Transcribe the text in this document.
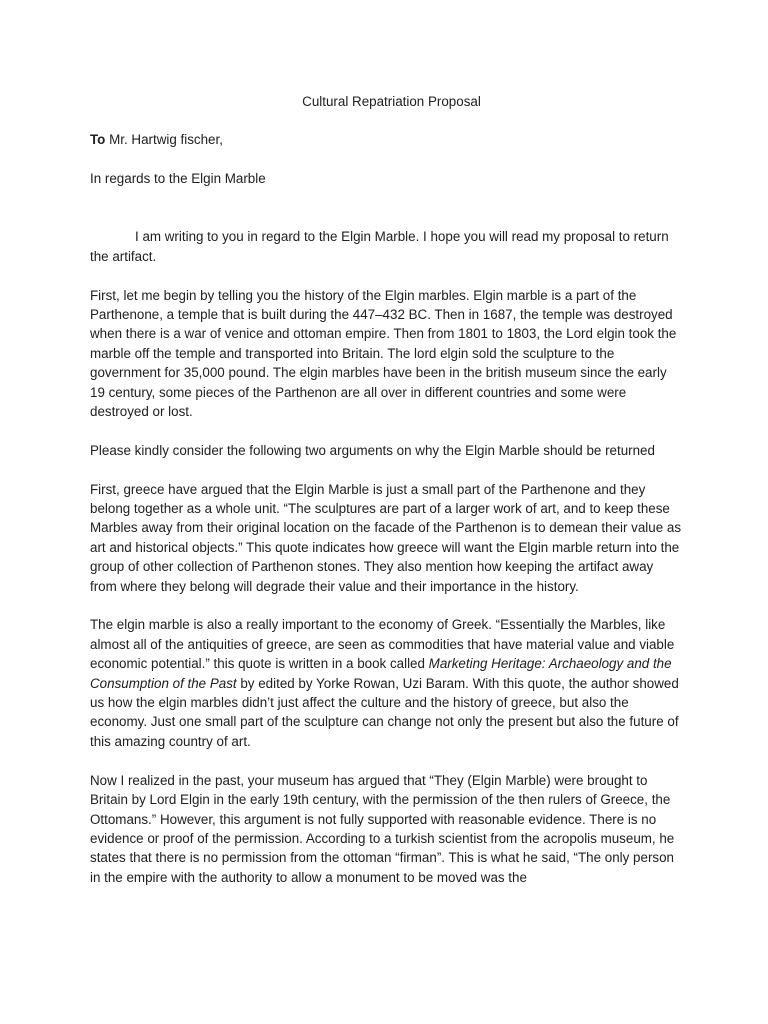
Cultural Repatriation Proposal
To Mr. Hartwig fischer,
In regards to the Elgin Marble
I am writing to you in regard to the Elgin Marble. I hope you will read my proposal to return the artifact.
First, let me begin by telling you the history of the Elgin marbles. Elgin marble is a part of the Parthenone, a temple that is built during the 447–432 BC. Then in 1687, the temple was destroyed when there is a war of venice and ottoman empire. Then from 1801 to 1803, the Lord elgin took the marble off the temple and transported into Britain. The lord elgin sold the sculpture to the government for 35,000 pound. The elgin marbles have been in the british museum since the early 19 century, some pieces of the Parthenon are all over in different countries and some were destroyed or lost.
Please kindly consider the following two arguments on why the Elgin Marble should be returned
First, greece have argued that the Elgin Marble is just a small part of the Parthenone and they belong together as a whole unit. “The sculptures are part of a larger work of art, and to keep these Marbles away from their original location on the facade of the Parthenon is to demean their value as art and historical objects.” This quote indicates how greece will want the Elgin marble return into the group of other collection of Parthenon stones. They also mention how keeping the artifact away from where they belong will degrade their value and their importance in the history.
The elgin marble is also a really important to the economy of Greek. “Essentially the Marbles, like almost all of the antiquities of greece, are seen as commodities that have material value and viable economic potential.” this quote is written in a book called Marketing Heritage: Archaeology and the Consumption of the Past by edited by Yorke Rowan, Uzi Baram. With this quote, the author showed us how the elgin marbles didn’t just affect the culture and the history of greece, but also the economy. Just one small part of the sculpture can change not only the present but also the future of this amazing country of art.
Now I realized in the past, your museum has argued that “They (Elgin Marble) were brought to Britain by Lord Elgin in the early 19th century, with the permission of the then rulers of Greece, the Ottomans.” However, this argument is not fully supported with reasonable evidence. There is no evidence or proof of the permission. According to a turkish scientist from the acropolis museum, he states that there is no permission from the ottoman “firman”. This is what he said, “The only person in the empire with the authority to allow a monument to be moved was the
